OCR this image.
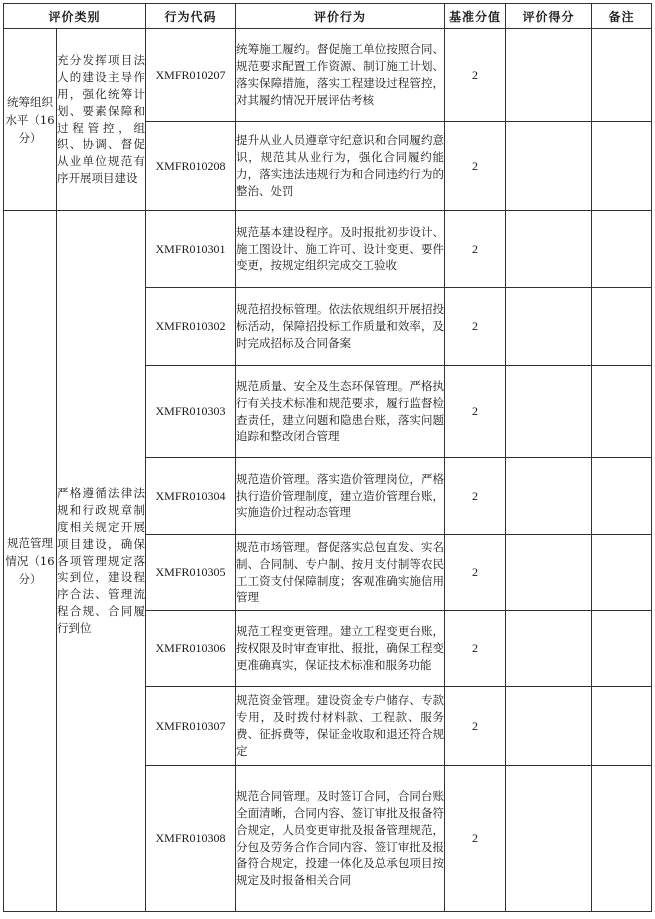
评价类别		行为代码	评价行为	基准分值	评价得分	备注
统筹组织水平（16分）	充分发挥项目法人的建设主导作用，强化统筹计划、要素保障和过程管控，组织、协调、督促从业单位规范有序开展项目建设	XMFR010207	统筹施工履约。督促施工单位按照合同、规范要求配置工作资源、制订施工计划、落实保障措施，落实工程建设过程管控，对其履约情况开展评估考核	2		
		XMFR010208	提升从业人员遵章守纪意识和合同履约意识，规范其从业行为，强化合同履约能力，落实违法违规行为和合同违约行为的整治、处罚	2		
规范管理情况（16分）	严格遵循法律法规和行政规章制度相关规定开展项目建设，确保各项管理规定落实到位，建设程序合法、管理流程合规、合同履行到位	XMFR010301	规范基本建设程序。及时报批初步设计、施工图设计、施工许可、设计变更、要件变更，按规定组织完成交工验收	2		
		XMFR010302	规范招投标管理。依法依规组织开展招投标活动，保障招投标工作质量和效率，及时完成招标及合同备案	2		
		XMFR010303	规范质量、安全及生态环保管理。严格执行有关技术标准和规范要求，履行监督检查责任，建立问题和隐患台账，落实问题追踪和整改闭合管理	2		
		XMFR010304	规范造价管理。落实造价管理岗位，严格执行造价管理制度，建立造价管理台账，实施造价过程动态管理	2		
		XMFR010305	规范市场管理。督促落实总包直发、实名制、合同制、专户制、按月支付制等农民工工资支付保障制度；客观准确实施信用管理	2		
		XMFR010306	规范工程变更管理。建立工程变更台账，按权限及时审查审批、报批，确保工程变更准确真实，保证技术标准和服务功能	2		
		XMFR010307	规范资金管理。建设资金专户储存、专款专用，及时拨付材料款、工程款、服务费、征拆费等，保证金收取和退还符合规定	2		
		XMFR010308	规范合同管理。及时签订合同，合同台账全面清晰，合同内容、签订审批及报备符合规定，人员变更审批及报备管理规范，分包及劳务合作合同内容、签订审批及报备符合规定，投建一体化及总承包项目按规定及时报备相关合同	2		
